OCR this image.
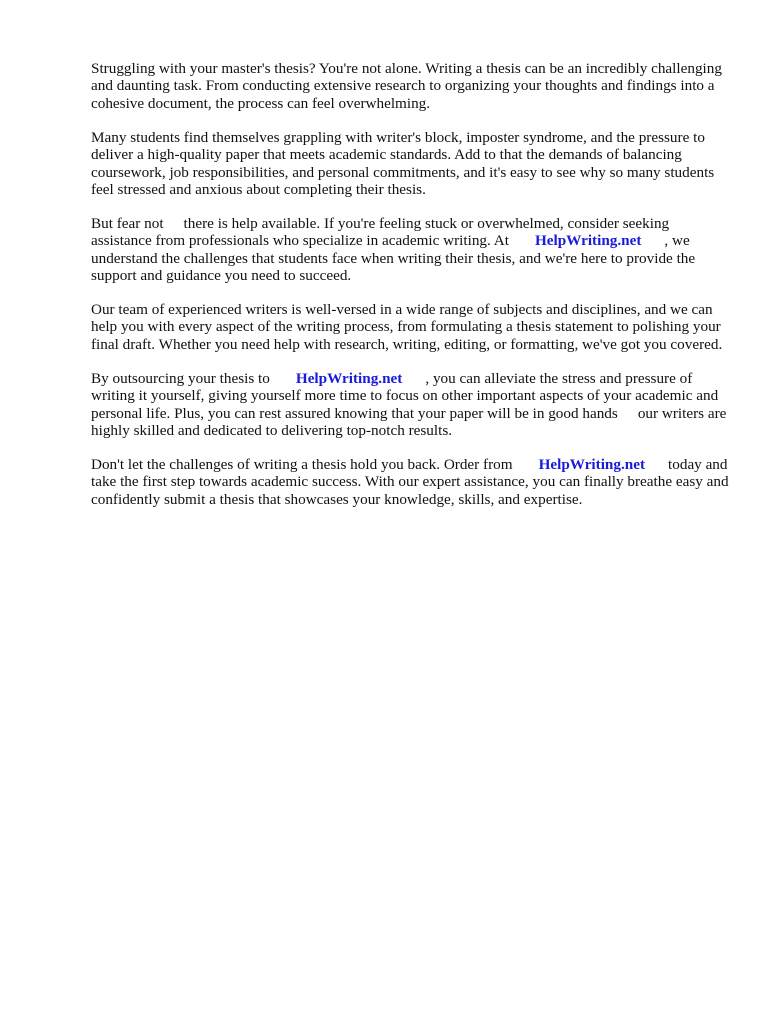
Struggling with your master's thesis? You're not alone. Writing a thesis can be an incredibly challenging and daunting task. From conducting extensive research to organizing your thoughts and findings into a cohesive document, the process can feel overwhelming.

Many students find themselves grappling with writer's block, imposter syndrome, and the pressure to deliver a high-quality paper that meets academic standards. Add to that the demands of balancing coursework, job responsibilities, and personal commitments, and it's easy to see why so many students feel stressed and anxious about completing their thesis.

But fear not there is help available. If you're feeling stuck or overwhelmed, consider seeking assistance from professionals who specialize in academic writing. At HelpWriting.net , we understand the challenges that students face when writing their thesis, and we're here to provide the support and guidance you need to succeed.

Our team of experienced writers is well-versed in a wide range of subjects and disciplines, and we can help you with every aspect of the writing process, from formulating a thesis statement to polishing your final draft. Whether you need help with research, writing, editing, or formatting, we've got you covered.

By outsourcing your thesis to HelpWriting.net , you can alleviate the stress and pressure of writing it yourself, giving yourself more time to focus on other important aspects of your academic and personal life. Plus, you can rest assured knowing that your paper will be in good hands our writers are highly skilled and dedicated to delivering top-notch results.

Don't let the challenges of writing a thesis hold you back. Order from HelpWriting.net today and take the first step towards academic success. With our expert assistance, you can finally breathe easy and confidently submit a thesis that showcases your knowledge, skills, and expertise.
